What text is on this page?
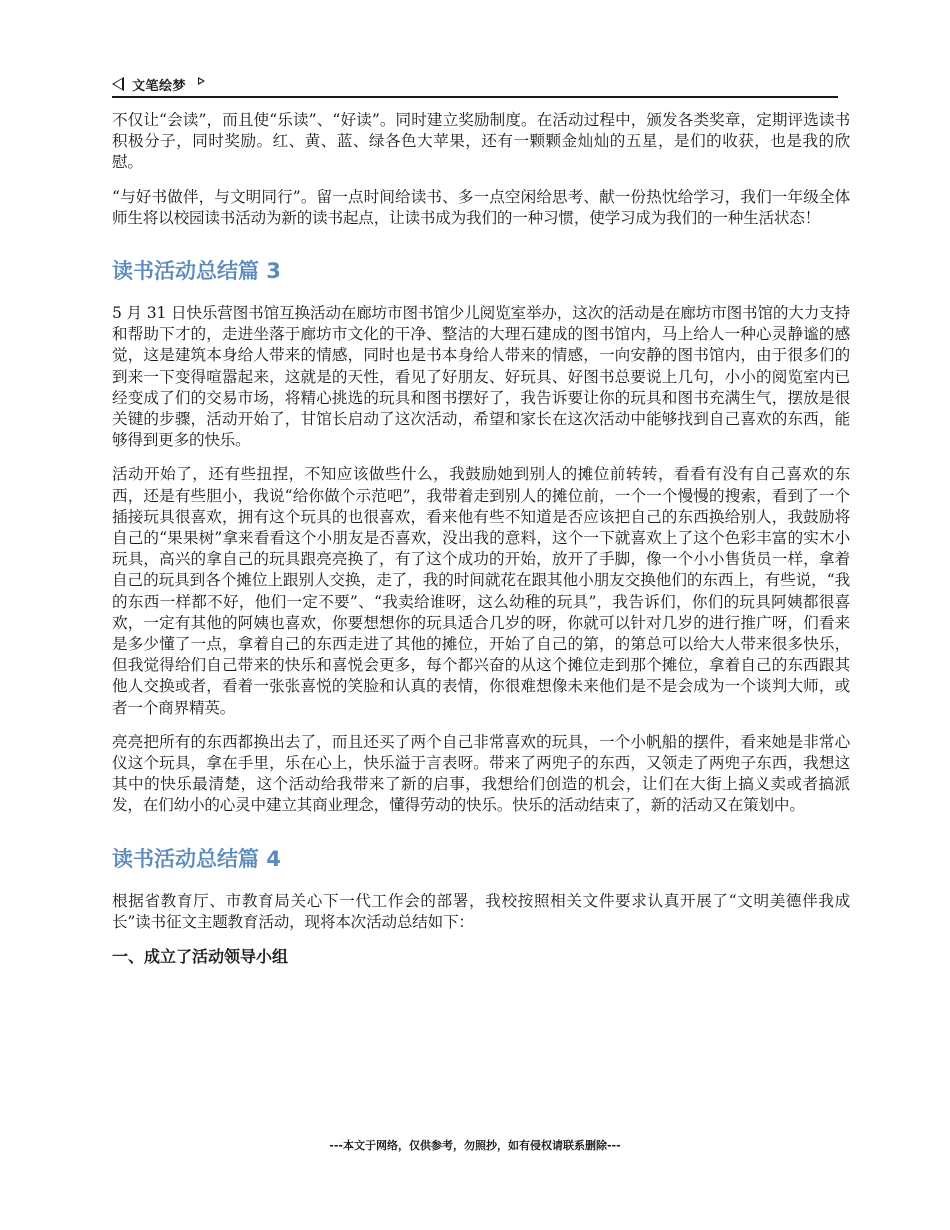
文笔绘梦

不仅让“会读”，而且使“乐读”、“好读”。同时建立奖励制度。在活动过程中，颁发各类奖章，定期评选读书积极分子，同时奖励。红、黄、蓝、绿各色大苹果，还有一颗颗金灿灿的五星，是们的收获，也是我的欣慰。

“与好书做伴，与文明同行”。留一点时间给读书、多一点空闲给思考、献一份热忱给学习，我们一年级全体师生将以校园读书活动为新的读书起点，让读书成为我们的一种习惯，使学习成为我们的一种生活状态！

读书活动总结篇 3

5 月 31 日快乐营图书馆互换活动在廊坊市图书馆少儿阅览室举办，这次的活动是在廊坊市图书馆的大力支持和帮助下才的，走进坐落于廊坊市文化的干净、整洁的大理石建成的图书馆内，马上给人一种心灵静谧的感觉，这是建筑本身给人带来的情感，同时也是书本身给人带来的情感，一向安静的图书馆内，由于很多们的到来一下变得喧嚣起来，这就是的天性，看见了好朋友、好玩具、好图书总要说上几句，小小的阅览室内已经变成了们的交易市场，将精心挑选的玩具和图书摆好了，我告诉要让你的玩具和图书充满生气，摆放是很关键的步骤，活动开始了，甘馆长启动了这次活动，希望和家长在这次活动中能够找到自己喜欢的东西，能够得到更多的快乐。

活动开始了，还有些扭捏，不知应该做些什么，我鼓励她到别人的摊位前转转，看看有没有自己喜欢的东西，还是有些胆小，我说“给你做个示范吧”，我带着走到别人的摊位前，一个一个慢慢的搜索，看到了一个插接玩具很喜欢，拥有这个玩具的也很喜欢，看来他有些不知道是否应该把自己的东西换给别人，我鼓励将自己的“果果树”拿来看看这个小朋友是否喜欢，没出我的意料，这个一下就喜欢上了这个色彩丰富的实木小玩具，高兴的拿自己的玩具跟亮亮换了，有了这个成功的开始，放开了手脚，像一个小小售货员一样，拿着自己的玩具到各个摊位上跟别人交换，走了，我的时间就花在跟其他小朋友交换他们的东西上，有些说，“我的东西一样都不好，他们一定不要”、“我卖给谁呀，这么幼稚的玩具”，我告诉们，你们的玩具阿姨都很喜欢，一定有其他的阿姨也喜欢，你要想想你的玩具适合几岁的呀，你就可以针对几岁的进行推广呀，们看来是多少懂了一点，拿着自己的东西走进了其他的摊位，开始了自己的第，的第总可以给大人带来很多快乐，但我觉得给们自己带来的快乐和喜悦会更多，每个都兴奋的从这个摊位走到那个摊位，拿着自己的东西跟其他人交换或者，看着一张张喜悦的笑脸和认真的表情，你很难想像未来他们是不是会成为一个谈判大师，或者一个商界精英。

亮亮把所有的东西都换出去了，而且还买了两个自己非常喜欢的玩具，一个小帆船的摆件，看来她是非常心仪这个玩具，拿在手里，乐在心上，快乐溢于言表呀。带来了两兜子的东西，又领走了两兜子东西，我想这其中的快乐最清楚，这个活动给我带来了新的启事，我想给们创造的机会，让们在大街上搞义卖或者搞派发，在们幼小的心灵中建立其商业理念，懂得劳动的快乐。快乐的活动结束了，新的活动又在策划中。

读书活动总结篇 4

根据省教育厅、市教育局关心下一代工作会的部署，我校按照相关文件要求认真开展了“文明美德伴我成长”读书征文主题教育活动，现将本次活动总结如下：

一、成立了活动领导小组
---本文于网络，仅供参考，勿照抄，如有侵权请联系删除---
